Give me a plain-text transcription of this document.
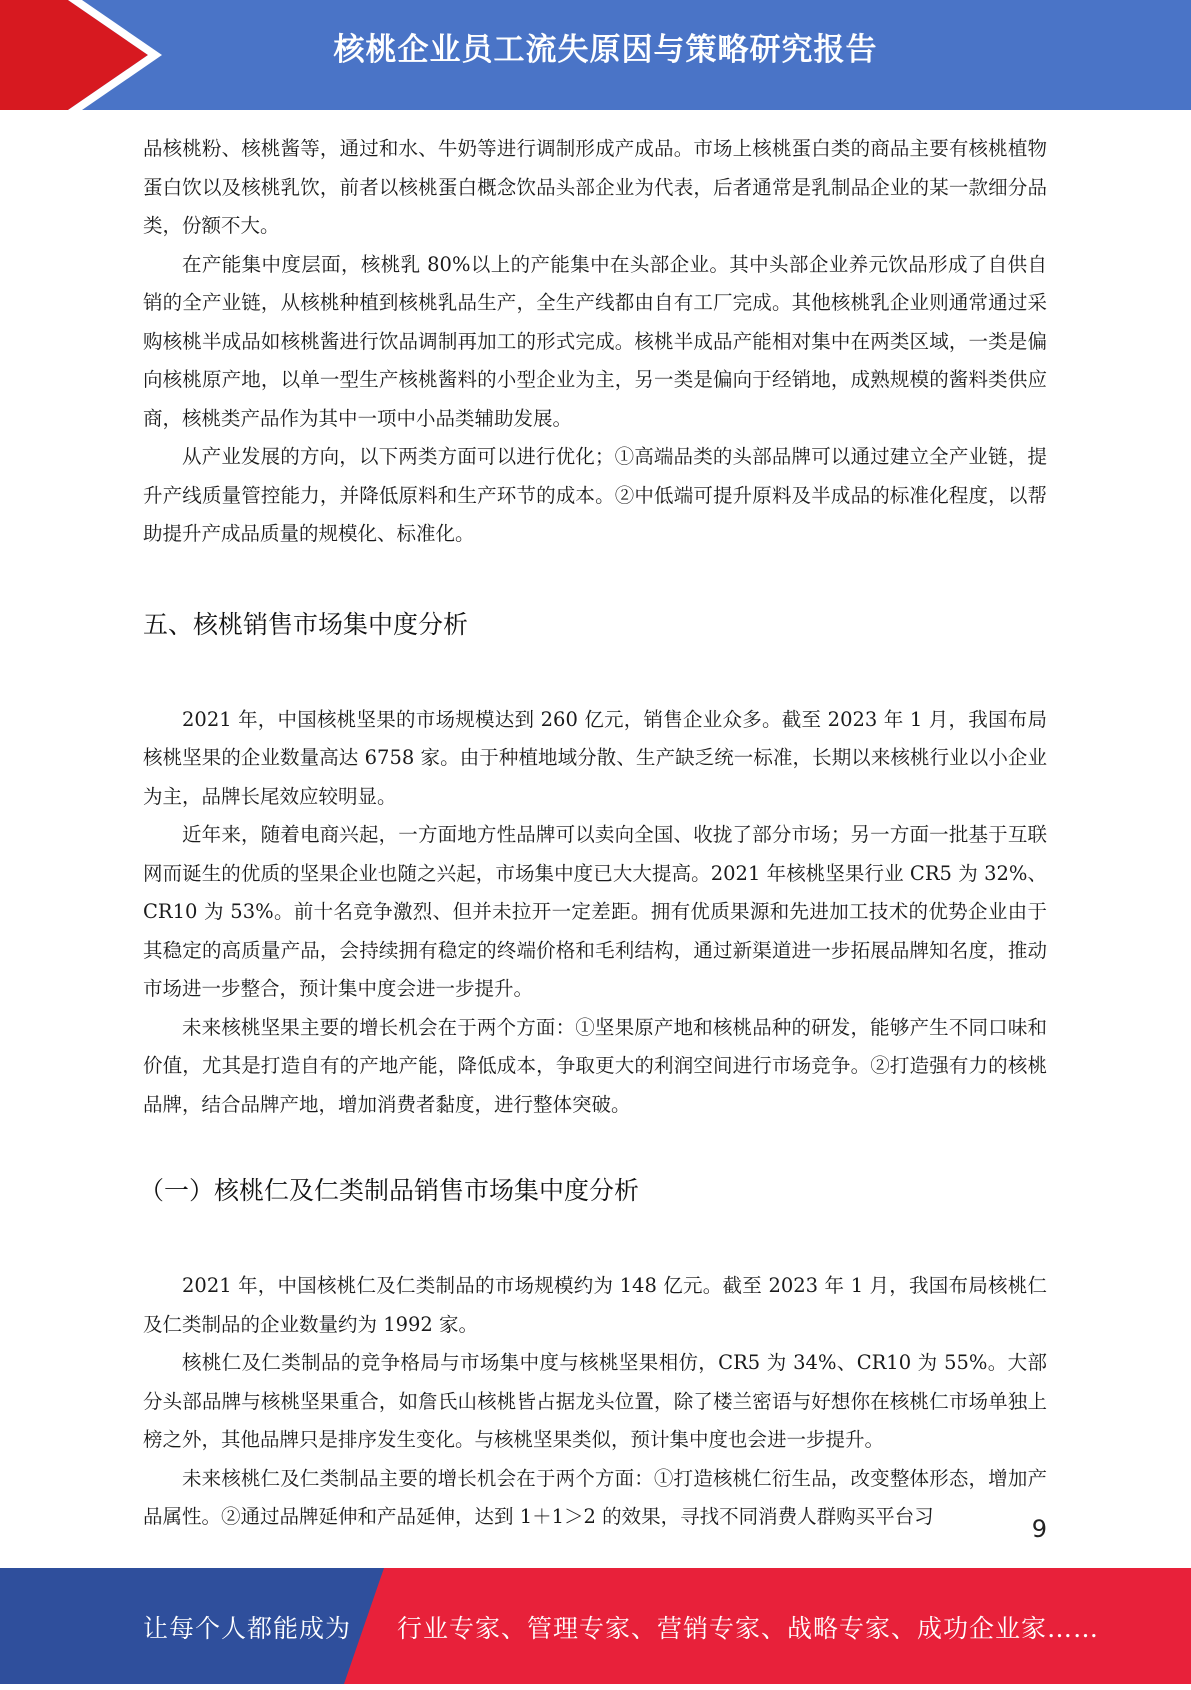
核桃企业员工流失原因与策略研究报告

品核桃粉、核桃酱等，通过和水、牛奶等进行调制形成产成品。市场上核桃蛋白类的商品主要有核桃植物蛋白饮以及核桃乳饮，前者以核桃蛋白概念饮品头部企业为代表，后者通常是乳制品企业的某一款细分品类，份额不大。

在产能集中度层面，核桃乳 80%以上的产能集中在头部企业。其中头部企业养元饮品形成了自供自销的全产业链，从核桃种植到核桃乳品生产，全生产线都由自有工厂完成。其他核桃乳企业则通常通过采购核桃半成品如核桃酱进行饮品调制再加工的形式完成。核桃半成品产能相对集中在两类区域，一类是偏向核桃原产地，以单一型生产核桃酱料的小型企业为主，另一类是偏向于经销地，成熟规模的酱料类供应商，核桃类产品作为其中一项中小品类辅助发展。

从产业发展的方向，以下两类方面可以进行优化；①高端品类的头部品牌可以通过建立全产业链，提升产线质量管控能力，并降低原料和生产环节的成本。②中低端可提升原料及半成品的标准化程度，以帮助提升产成品质量的规模化、标准化。

五、核桃销售市场集中度分析

2021 年，中国核桃坚果的市场规模达到 260 亿元，销售企业众多。截至 2023 年 1 月，我国布局核桃坚果的企业数量高达 6758 家。由于种植地域分散、生产缺乏统一标准，长期以来核桃行业以小企业为主，品牌长尾效应较明显。

近年来，随着电商兴起，一方面地方性品牌可以卖向全国、收拢了部分市场；另一方面一批基于互联网而诞生的优质的坚果企业也随之兴起，市场集中度已大大提高。2021 年核桃坚果行业 CR5 为 32%、CR10 为 53%。前十名竞争激烈、但并未拉开一定差距。拥有优质果源和先进加工技术的优势企业由于其稳定的高质量产品，会持续拥有稳定的终端价格和毛利结构，通过新渠道进一步拓展品牌知名度，推动市场进一步整合，预计集中度会进一步提升。

未来核桃坚果主要的增长机会在于两个方面：①坚果原产地和核桃品种的研发，能够产生不同口味和价值，尤其是打造自有的产地产能，降低成本，争取更大的利润空间进行市场竞争。②打造强有力的核桃品牌，结合品牌产地，增加消费者黏度，进行整体突破。

（一）核桃仁及仁类制品销售市场集中度分析

2021 年，中国核桃仁及仁类制品的市场规模约为 148 亿元。截至 2023 年 1 月，我国布局核桃仁及仁类制品的企业数量约为 1992 家。

核桃仁及仁类制品的竞争格局与市场集中度与核桃坚果相仿，CR5 为 34%、CR10 为 55%。大部分头部品牌与核桃坚果重合，如詹氏山核桃皆占据龙头位置，除了楼兰密语与好想你在核桃仁市场单独上榜之外，其他品牌只是排序发生变化。与核桃坚果类似，预计集中度也会进一步提升。

未来核桃仁及仁类制品主要的增长机会在于两个方面：①打造核桃仁衍生品，改变整体形态，增加产品属性。②通过品牌延伸和产品延伸，达到 1＋1＞2 的效果，寻找不同消费人群购买平台习	9
让每个人都能成为 行业专家、管理专家、营销专家、战略专家、成功企业家……
